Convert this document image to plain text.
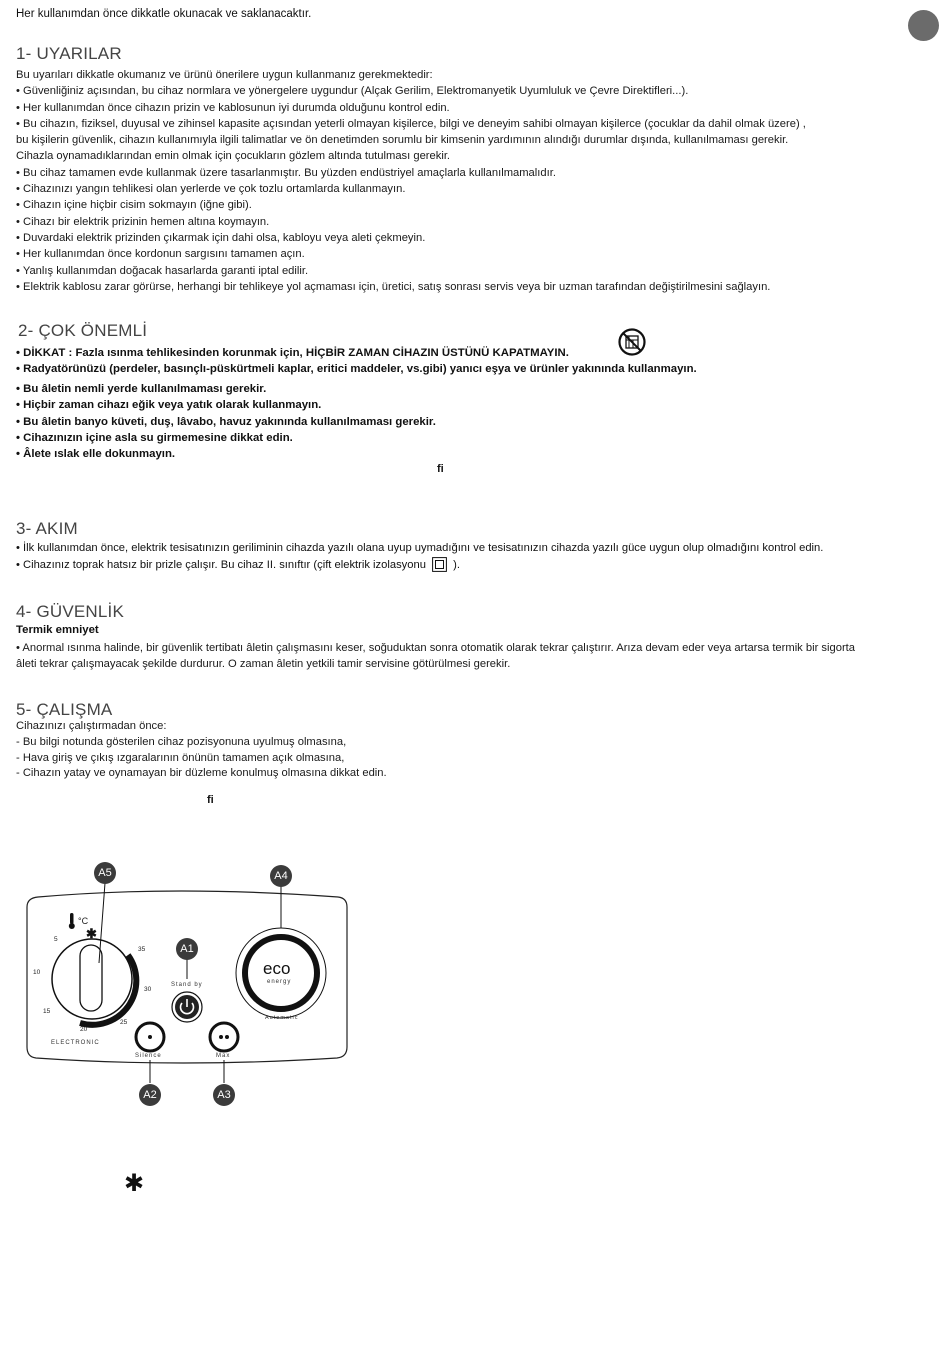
Her kullanımdan önce dikkatle okunacak ve saklanacaktır.
1- UYARILAR
Bu uyarıları dikkatle okumanız ve ürünü önerilere uygun kullanmanız gerekmektedir:
• Güvenliğiniz açısından, bu cihaz normlara ve yönergelere uygundur (Alçak Gerilim, Elektromanyetik Uyumluluk ve Çevre Direktifleri...).
• Her kullanımdan önce cihazın prizin ve kablosunun iyi durumda olduğunu kontrol edin.
• Bu cihazın, fiziksel, duyusal ve zihinsel kapasite açısından yeterli olmayan kişilerce, bilgi ve deneyim sahibi olmayan kişilerce (çocuklar da dahil olmak üzere) ,
bu kişilerin güvenlik, cihazın kullanımıyla ilgili talimatlar ve ön denetimden sorumlu bir kimsenin yardımının alındığı durumlar dışında, kullanılmaması gerekir.
Cihazla oynamadıklarından emin olmak için çocukların gözlem altında tutulması gerekir.
• Bu cihaz tamamen evde kullanmak üzere tasarlanmıştır. Bu yüzden endüstriyel amaçlarla kullanılmamalıdır.
• Cihazınızı yangın tehlikesi olan yerlerde ve çok tozlu ortamlarda kullanmayın.
• Cihazın içine hiçbir cisim sokmayın (iğne gibi).
• Cihazı bir elektrik prizinin hemen altına koymayın.
• Duvardaki elektrik prizinden çıkarmak için dahi olsa, kabloyu veya aleti çekmeyin.
• Her kullanımdan önce kordonun sargısını tamamen açın.
• Yanlış kullanımdan doğacak hasarlarda garanti iptal edilir.
• Elektrik kablosu zarar görürse, herhangi bir tehlikeye yol açmaması için, üretici, satış sonrası servis veya bir uzman tarafından değiştirilmesini sağlayın.
2- ÇOK ÖNEMLİ
• DİKKAT : Fazla ısınma tehlikesinden korunmak için, HİÇBİR ZAMAN CİHAZIN ÜSTÜNÜ KAPATMAYIN.
• Radyatörünüzü (perdeler, basınçlı-püskürtmeli kaplar, eritici maddeler, vs.gibi) yanıcı eşya ve ürünler yakınında kullanmayın.
• Bu âletin nemli yerde kullanılmaması gerekir.
• Hiçbir zaman cihazı eğik veya yatık olarak kullanmayın.
• Bu âletin banyo küveti, duş, lâvabo, havuz yakınında kullanılmaması gerekir.
• Cihazınızın içine asla su girmemesine dikkat edin.
• Âlete ıslak elle dokunmayın.
ﬁ
3- AKIM
• İlk kullanımdan önce, elektrik tesisatınızın geriliminin cihazda yazılı olana uyup uymadığını ve tesisatınızın cihazda yazılı güce uygun olup olmadığını kontrol edin.
• Cihazınız toprak hatsız bir prizle çalışır. Bu cihaz II. sınıftır (çift elektrik izolasyonu ).
4- GÜVENLİK
Termik emniyet
• Anormal ısınma halinde, bir güvenlik tertibatı âletin çalışmasını keser, soğuduktan sonra otomatik olarak tekrar çalıştırır. Arıza devam eder veya artarsa termik bir sigorta
âleti tekrar çalışmayacak şekilde durdurur. O zaman âletin yetkili tamir servisine götürülmesi gerekir.
5- ÇALIŞMA
Cihazınızı çalıştırmadan önce:
- Bu bilgi notunda gösterilen cihaz pozisyonuna uyulmuş olmasına,
- Hava giriş ve çıkış ızgaralarının önünün tamamen açık olmasına,
- Cihazın yatay ve oynamayan bir düzleme konulmuş olmasına dikkat edin.
ﬁ
A5	A4
A1
A2	A3
°C
✱
5
10
15
20
25
30
35
ELECTRONIC
Stand by
Silence	Max
eco
energy
Automatic
✱
